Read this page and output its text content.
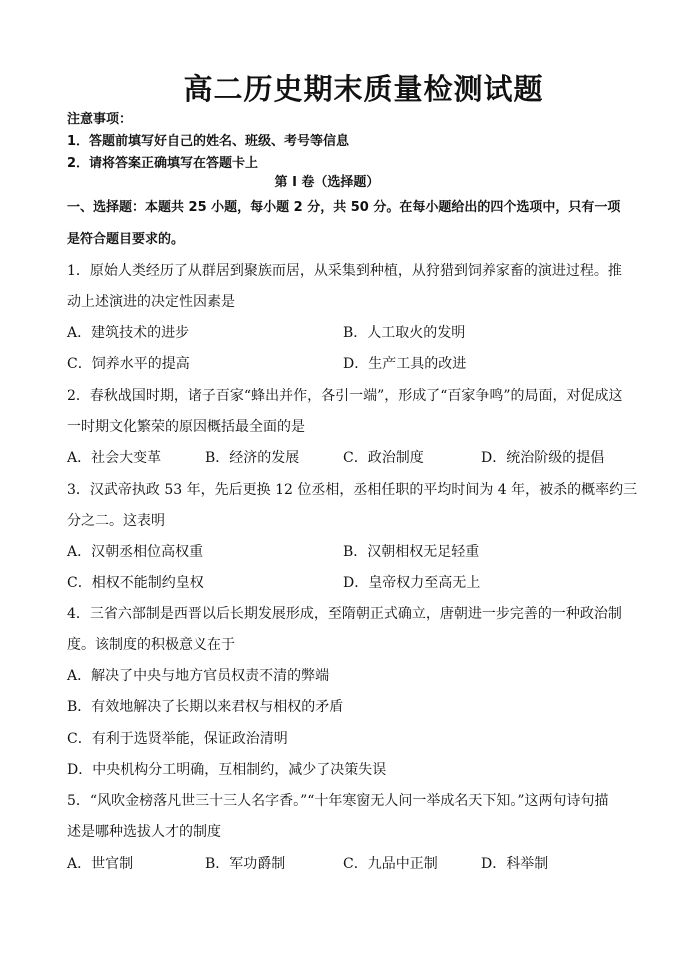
高二历史期末质量检测试题
注意事项：
1．答题前填写好自己的姓名、班级、考号等信息
2．请将答案正确填写在答题卡上
第 I 卷（选择题）
一、选择题：本题共 25 小题，每小题 2 分，共 50 分。在每小题给出的四个选项中，只有一项
是符合题目要求的。
1．原始人类经历了从群居到聚族而居，从采集到种植，从狩猎到饲养家畜的演进过程。推
动上述演进的决定性因素是
A．建筑技术的进步	B．人工取火的发明
C．饲养水平的提高	D．生产工具的改进
2．春秋战国时期，诸子百家“蜂出并作，各引一端”，形成了“百家争鸣”的局面，对促成这
一时期文化繁荣的原因概括最全面的是
A．社会大变革	B．经济的发展	C．政治制度	D．统治阶级的提倡
3．汉武帝执政 53 年，先后更换 12 位丞相，丞相任职的平均时间为 4 年，被杀的概率约三
分之二。这表明
A．汉朝丞相位高权重	B．汉朝相权无足轻重
C．相权不能制约皇权	D．皇帝权力至高无上
4．三省六部制是西晋以后长期发展形成，至隋朝正式确立，唐朝进一步完善的一种政治制
度。该制度的积极意义在于
A．解决了中央与地方官员权责不清的弊端
B．有效地解决了长期以来君权与相权的矛盾
C．有利于选贤举能，保证政治清明
D．中央机构分工明确，互相制约，减少了决策失误
5．“风吹金榜落凡世三十三人名字香。”“十年寒窗无人问一举成名天下知。”这两句诗句描
述是哪种选拔人才的制度
A．世官制	B．军功爵制	C．九品中正制	D．科举制
